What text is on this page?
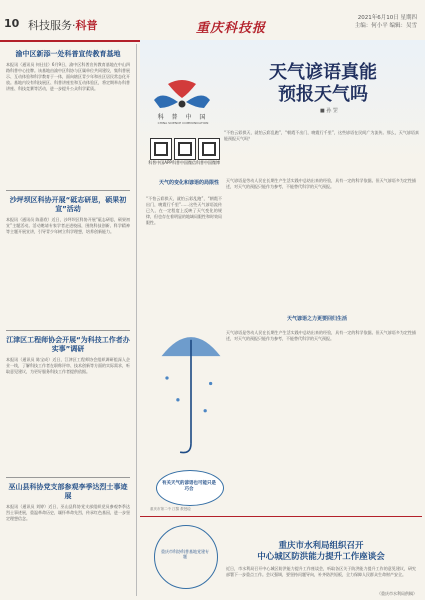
10 科技服务·科普	重庆科技报
2021年6月10日 星期四
主编：何小平 编辑：吴雪
渝中区新添一处科普宣传教育基地
本报讯（通讯员 何仕佳）6月9日，渝中区科普宣传教育基地在中山四路科普中心挂牌。该基地由渝中区科协与区属单位共同建设，集科普展示、互动体验和科学教育于一体，面向辖区青少年和社区居民常态化开放。基地内设有科技展区、科普讲座室和互动体验区，将定期举办科普讲座、科技竞赛等活动，进一步提升公众科学素质。
沙坪坝区科协开展“砥志研思，硕果初宣”活动
本报讯（通讯员 陈嘉欣）近日，沙坪坝区科协开展“砥志研思，硕果初宣”主题活动。活动邀请专家学者走进校园，围绕科技创新、科学精神等主题开展宣讲，引导青少年树立科学理想，培养创新能力。
江津区工程师协会开展“为科技工作者办实事”调研
本报讯（通讯员 陈宝成）近日，江津区工程师协会组织调研组深入企业一线，了解科技工作者在职称评审、技术创新等方面的实际需求，听取意见建议，为更好服务科技工作者提供依据。
巫山县科协党支部参观李季达烈士事迹展
本报讯（通讯员 刘婷）近日，巫山县科协党支部组织党员参观李季达烈士事迹展，重温革命历史，缅怀革命先烈，传承红色基因，进一步坚定理想信念。
科 普 中 国
CHINA SCIENCE COMMUNICATION
天气谚语真能
预报天气吗
■ 孙 罡
科普中国APP 科普中国微信 科普中国微博
“不怕云彩拱天，就怕云彩乱跑”，“朝霞不出门，晚霞行千里”，这些谚语在民间广为流传。那么，天气谚语真能预报天气吗？
天气的变化和谚语的局限性
“不怕云彩拱天，就怕云彩乱跑”，“朝霞不出门，晚霞行千里”……这些天气谚语流传已久，在一定程度上反映了天气变化的规律，但也存在着明显的地域局限性和时效局限性。
有关天气的谚语也可能只是巧合
重庆市第二中 江黎 教授绘
天气谚语是劳动人民在长期生产生活实践中总结出来的经验，具有一定的科学依据。但天气谚语多为定性描述，对天气的预报只能作为参考，不能替代科学的天气预报。
天气谚语之力更要回归生活
天气谚语是劳动人民在长期生产生活实践中总结出来的经验，具有一定的科学依据。但天气谚语多为定性描述，对天气的预报只能作为参考，不能替代科学的天气预报。
重庆市科协科普基地党建专题
重庆市水利局组织召开
中心城区防洪能力提升工作座谈会
近日，市水利局召开中心城区防洪能力提升工作座谈会，听取各区关于防洪能力提升工作的意见建议，研究部署下一步重点工作。会议强调，要坚持问题导向，补齐防洪短板，全力保障人民群众生命财产安全。
（重庆市水利局供稿）
